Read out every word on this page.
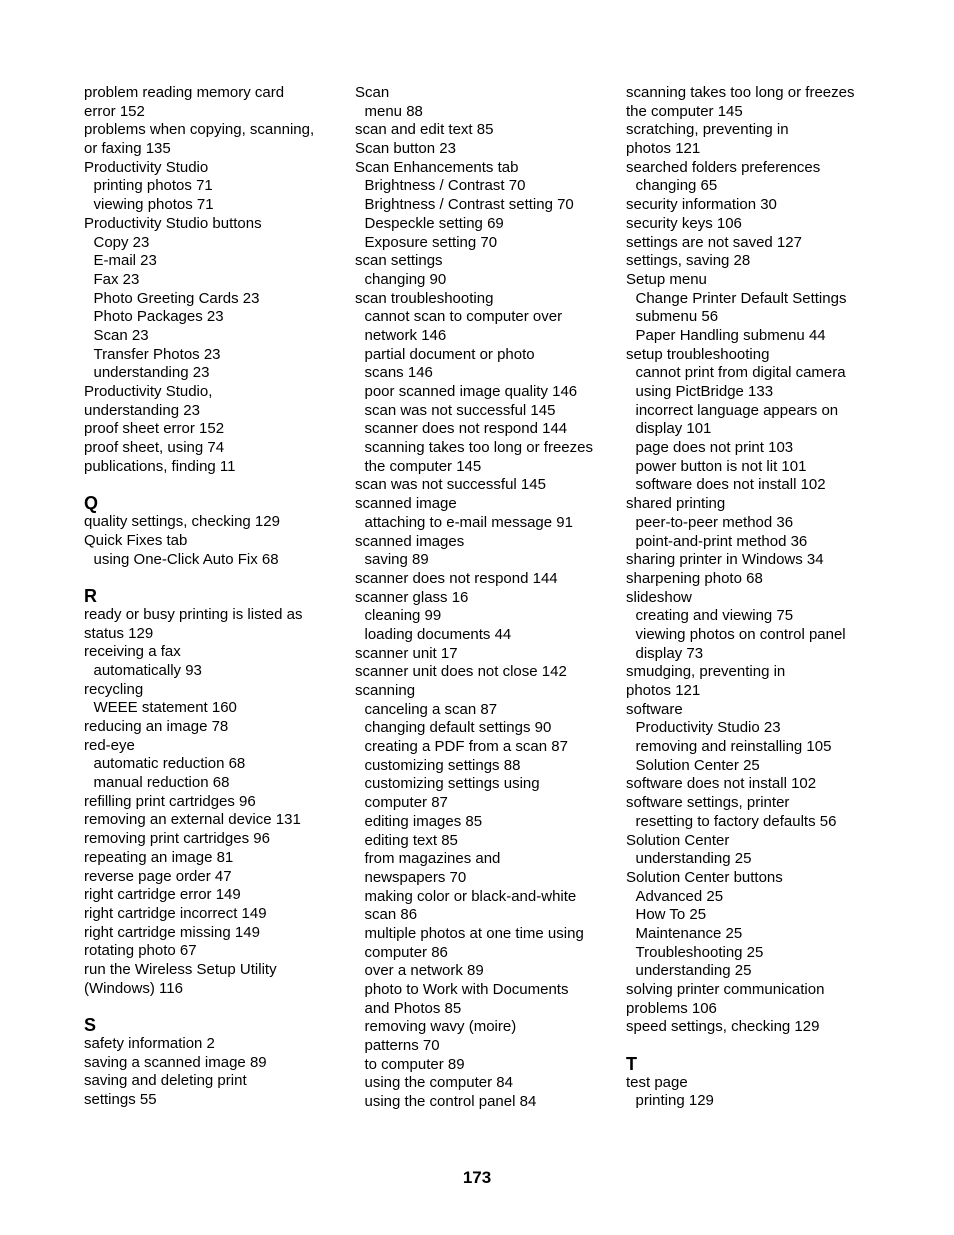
problem reading memory card
error 152
problems when copying, scanning,
or faxing 135
Productivity Studio
printing photos 71
viewing photos 71
Productivity Studio buttons
Copy 23
E-mail 23
Fax 23
Photo Greeting Cards 23
Photo Packages 23
Scan 23
Transfer Photos 23
understanding 23
Productivity Studio,
understanding 23
proof sheet error 152
proof sheet, using 74
publications, finding 11
Q
quality settings, checking 129
Quick Fixes tab
using One-Click Auto Fix 68
R
ready or busy printing is listed as
status 129
receiving a fax
automatically 93
recycling
WEEE statement 160
reducing an image 78
red-eye
automatic reduction 68
manual reduction 68
refilling print cartridges 96
removing an external device 131
removing print cartridges 96
repeating an image 81
reverse page order 47
right cartridge error 149
right cartridge incorrect 149
right cartridge missing 149
rotating photo 67
run the Wireless Setup Utility
(Windows) 116
S
safety information 2
saving a scanned image 89
saving and deleting print
settings 55
Scan
menu 88
scan and edit text 85
Scan button 23
Scan Enhancements tab
Brightness / Contrast 70
Brightness / Contrast setting 70
Despeckle setting 69
Exposure setting 70
scan settings
changing 90
scan troubleshooting
cannot scan to computer over
network 146
partial document or photo
scans 146
poor scanned image quality 146
scan was not successful 145
scanner does not respond 144
scanning takes too long or freezes
the computer 145
scan was not successful 145
scanned image
attaching to e-mail message 91
scanned images
saving 89
scanner does not respond 144
scanner glass 16
cleaning 99
loading documents 44
scanner unit 17
scanner unit does not close 142
scanning
canceling a scan 87
changing default settings 90
creating a PDF from a scan 87
customizing settings 88
customizing settings using
computer 87
editing images 85
editing text 85
from magazines and
newspapers 70
making color or black-and-white
scan 86
multiple photos at one time using
computer 86
over a network 89
photo to Work with Documents
and Photos 85
removing wavy (moire)
patterns 70
to computer 89
using the computer 84
using the control panel 84
scanning takes too long or freezes
the computer 145
scratching, preventing in
photos 121
searched folders preferences
changing 65
security information 30
security keys 106
settings are not saved 127
settings, saving 28
Setup menu
Change Printer Default Settings
submenu 56
Paper Handling submenu 44
setup troubleshooting
cannot print from digital camera
using PictBridge 133
incorrect language appears on
display 101
page does not print 103
power button is not lit 101
software does not install 102
shared printing
peer-to-peer method 36
point-and-print method 36
sharing printer in Windows 34
sharpening photo 68
slideshow
creating and viewing 75
viewing photos on control panel
display 73
smudging, preventing in
photos 121
software
Productivity Studio 23
removing and reinstalling 105
Solution Center 25
software does not install 102
software settings, printer
resetting to factory defaults 56
Solution Center
understanding 25
Solution Center buttons
Advanced 25
How To 25
Maintenance 25
Troubleshooting 25
understanding 25
solving printer communication
problems 106
speed settings, checking 129
T
test page
printing 129
173
